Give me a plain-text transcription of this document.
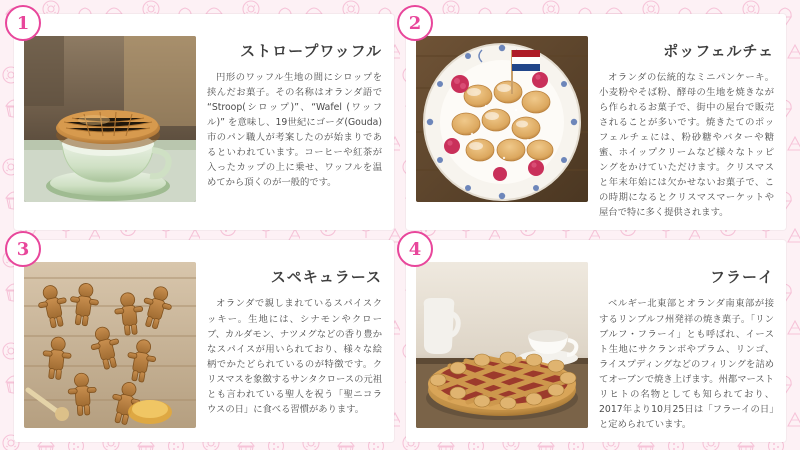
1
ストロープワッフル
円形のワッフル生地の間にシロップを挟んだお菓子。その名称はオランダ語で “Stroop(シロップ)”、“Wafel (ワッフル)” を意味し、19世紀にゴーダ(Gouda)市のパン職人が考案したのが始まりであるといわれています。コーヒーや紅茶が入ったカップの上に乗せ、ワッフルを温めてから頂くのが一般的です。
2
ポッフェルチェ
オランダの伝統的なミニパンケーキ。小麦粉やそば粉、酵母の生地を焼きながら作られるお菓子で、街中の屋台で販売されることが多いです。焼きたてのポッフェルチェには、粉砂糖やバターや糖蜜、ホイップクリームなど様々なトッピングをかけていただけます。クリスマスと年末年始には欠かせないお菓子で、この時期になるとクリスマスマーケットや屋台で特に多く提供されます。
3
スペキュラース
オランダで親しまれているスパイスクッキー。生地には、シナモンやクローブ、カルダモン、ナツメグなどの香り豊かなスパイスが用いられており、様々な絵柄でかたどられているのが特徴です。クリスマスを象徴するサンタクロースの元祖とも言われている聖人を祝う「聖ニコラウスの日」に食べる習慣があります。
4
フラーイ
ベルギー北東部とオランダ南東部が接するリンブルフ州発祥の焼き菓子。「リンブルフ・フラーイ」とも呼ばれ、イースト生地にサクランボやプラム、リンゴ、ライスプディングなどのフィリングを詰めてオーブンで焼き上げます。州都マーストリヒトの名物としても知られており、2017年より10月25日は「フラーイの日」と定められています。
